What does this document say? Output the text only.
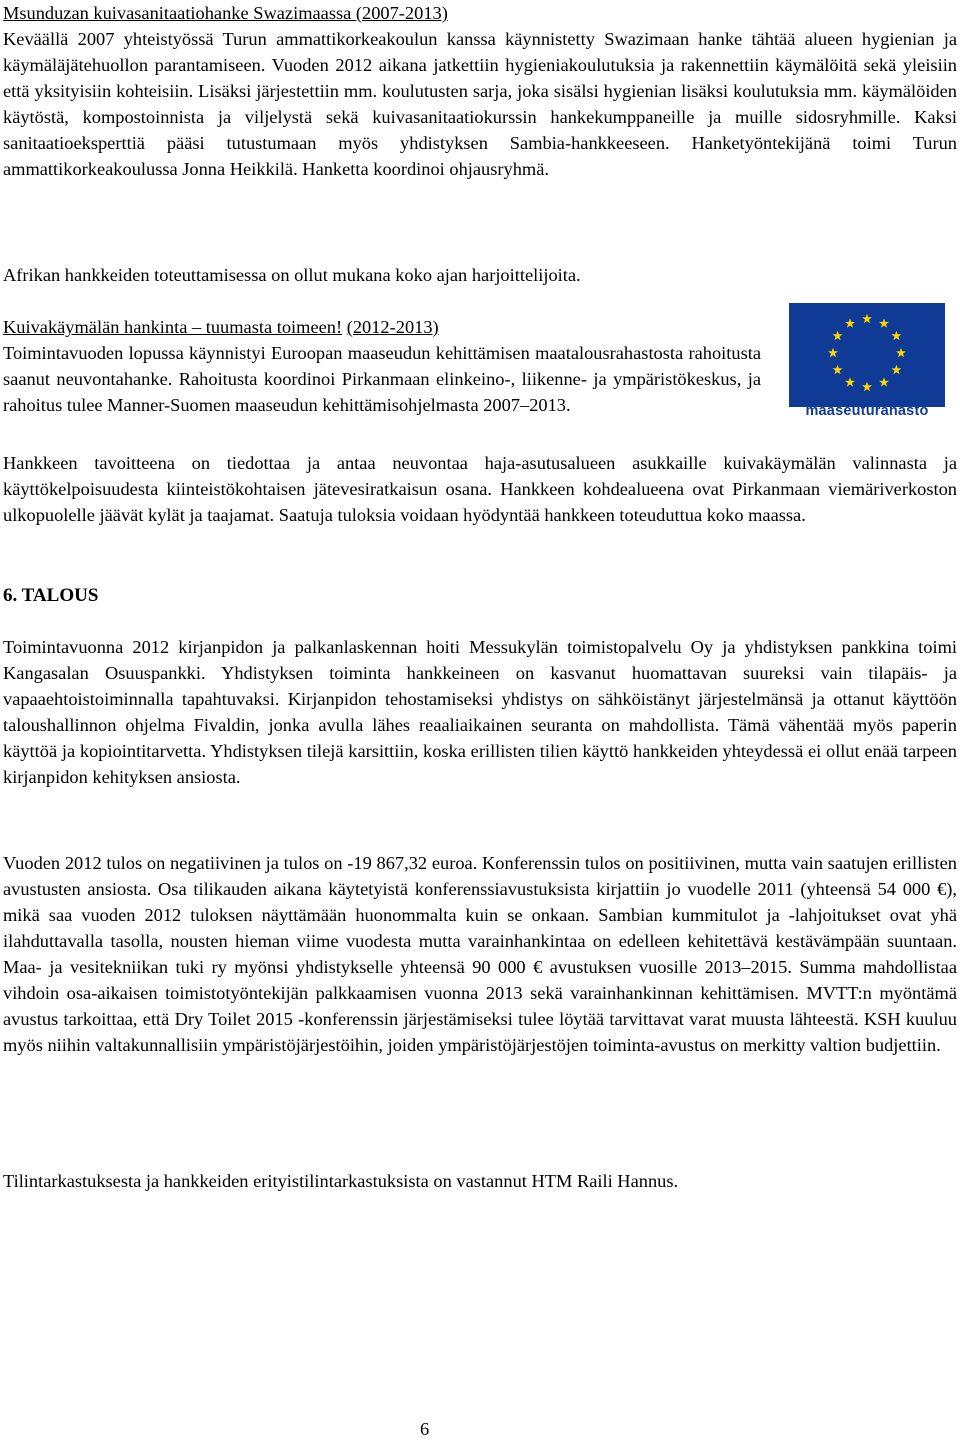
Msunduzan kuivasanitaatiohanke Swazimaassa (2007-2013)

Keväällä 2007 yhteistyössä Turun ammattikorkeakoulun kanssa käynnistetty Swazimaan hanke tähtää alueen hygienian ja käymäläjätehuollon parantamiseen. Vuoden 2012 aikana jatkettiin hygieniakoulutuksia ja rakennettiin käymälöitä sekä yleisiin että yksityisiin kohteisiin. Lisäksi järjestettiin mm. koulutusten sarja, joka sisälsi hygienian lisäksi koulutuksia mm. käymälöiden käytöstä, kompostoinnista ja viljelystä sekä kuivasanitaatiokurssin hankekumppaneille ja muille sidosryhmille. Kaksi sanitaatioeksperttiä pääsi tutustumaan myös yhdistyksen Sambia-hankkeeseen. Hanketyöntekijänä toimi Turun ammattikorkeakoulussa Jonna Heikkilä. Hanketta koordinoi ohjausryhmä.

Afrikan hankkeiden toteuttamisessa on ollut mukana koko ajan harjoittelijoita.

Kuivakäymälän hankinta – tuumasta toimeen! (2012-2013)

Toimintavuoden lopussa käynnistyi Euroopan maaseudun kehittämisen maatalousrahastosta rahoitusta saanut neuvontahanke. Rahoitusta koordinoi Pirkanmaan elinkeino-, liikenne- ja ympäristökeskus, ja rahoitus tulee Manner-Suomen maaseudun kehittämisohjelmasta 2007–2013.

Hankkeen tavoitteena on tiedottaa ja antaa neuvontaa haja-asutusalueen asukkaille kuivakäymälän valinnasta ja käyttökelpoisuudesta kiinteistökohtaisen jätevesiratkaisun osana. Hankkeen kohdealueena ovat Pirkanmaan viemäriverkoston ulkopuolelle jäävät kylät ja taajamat. Saatuja tuloksia voidaan hyödyntää hankkeen toteuduttua koko maassa.

maaseuturahasto
6. TALOUS

Toimintavuonna 2012 kirjanpidon ja palkanlaskennan hoiti Messukylän toimistopalvelu Oy ja yhdistyksen pankkina toimi Kangasalan Osuuspankki. Yhdistyksen toiminta hankkeineen on kasvanut huomattavan suureksi vain tilapäis- ja vapaaehtoistoiminnalla tapahtuvaksi. Kirjanpidon tehostamiseksi yhdistys on sähköistänyt järjestelmänsä ja ottanut käyttöön taloushallinnon ohjelma Fivaldin, jonka avulla lähes reaaliaikainen seuranta on mahdollista. Tämä vähentää myös paperin käyttöä ja kopiointitarvetta. Yhdistyksen tilejä karsittiin, koska erillisten tilien käyttö hankkeiden yhteydessä ei ollut enää tarpeen kirjanpidon kehityksen ansiosta.

Vuoden 2012 tulos on negatiivinen ja tulos on -19 867,32 euroa. Konferenssin tulos on positiivinen, mutta vain saatujen erillisten avustusten ansiosta. Osa tilikauden aikana käytetyistä konferenssiavustuksista kirjattiin jo vuodelle 2011 (yhteensä 54 000 €), mikä saa vuoden 2012 tuloksen näyttämään huonommalta kuin se onkaan. Sambian kummitulot ja -lahjoitukset ovat yhä ilahduttavalla tasolla, nousten hieman viime vuodesta mutta varainhankintaa on edelleen kehitettävä kestävämpään suuntaan. Maa- ja vesitekniikan tuki ry myönsi yhdistykselle yhteensä 90 000 € avustuksen vuosille 2013–2015. Summa mahdollistaa vihdoin osa-aikaisen toimistotyöntekijän palkkaamisen vuonna 2013 sekä varainhankinnan kehittämisen. MVTT:n myöntämä avustus tarkoittaa, että Dry Toilet 2015 -konferenssin järjestämiseksi tulee löytää tarvittavat varat muusta lähteestä. KSH kuuluu myös niihin valtakunnallisiin ympäristöjärjestöihin, joiden ympäristöjärjestöjen toiminta-avustus on merkitty valtion budjettiin.

Tilintarkastuksesta ja hankkeiden erityistilintarkastuksista on vastannut HTM Raili Hannus.

6
